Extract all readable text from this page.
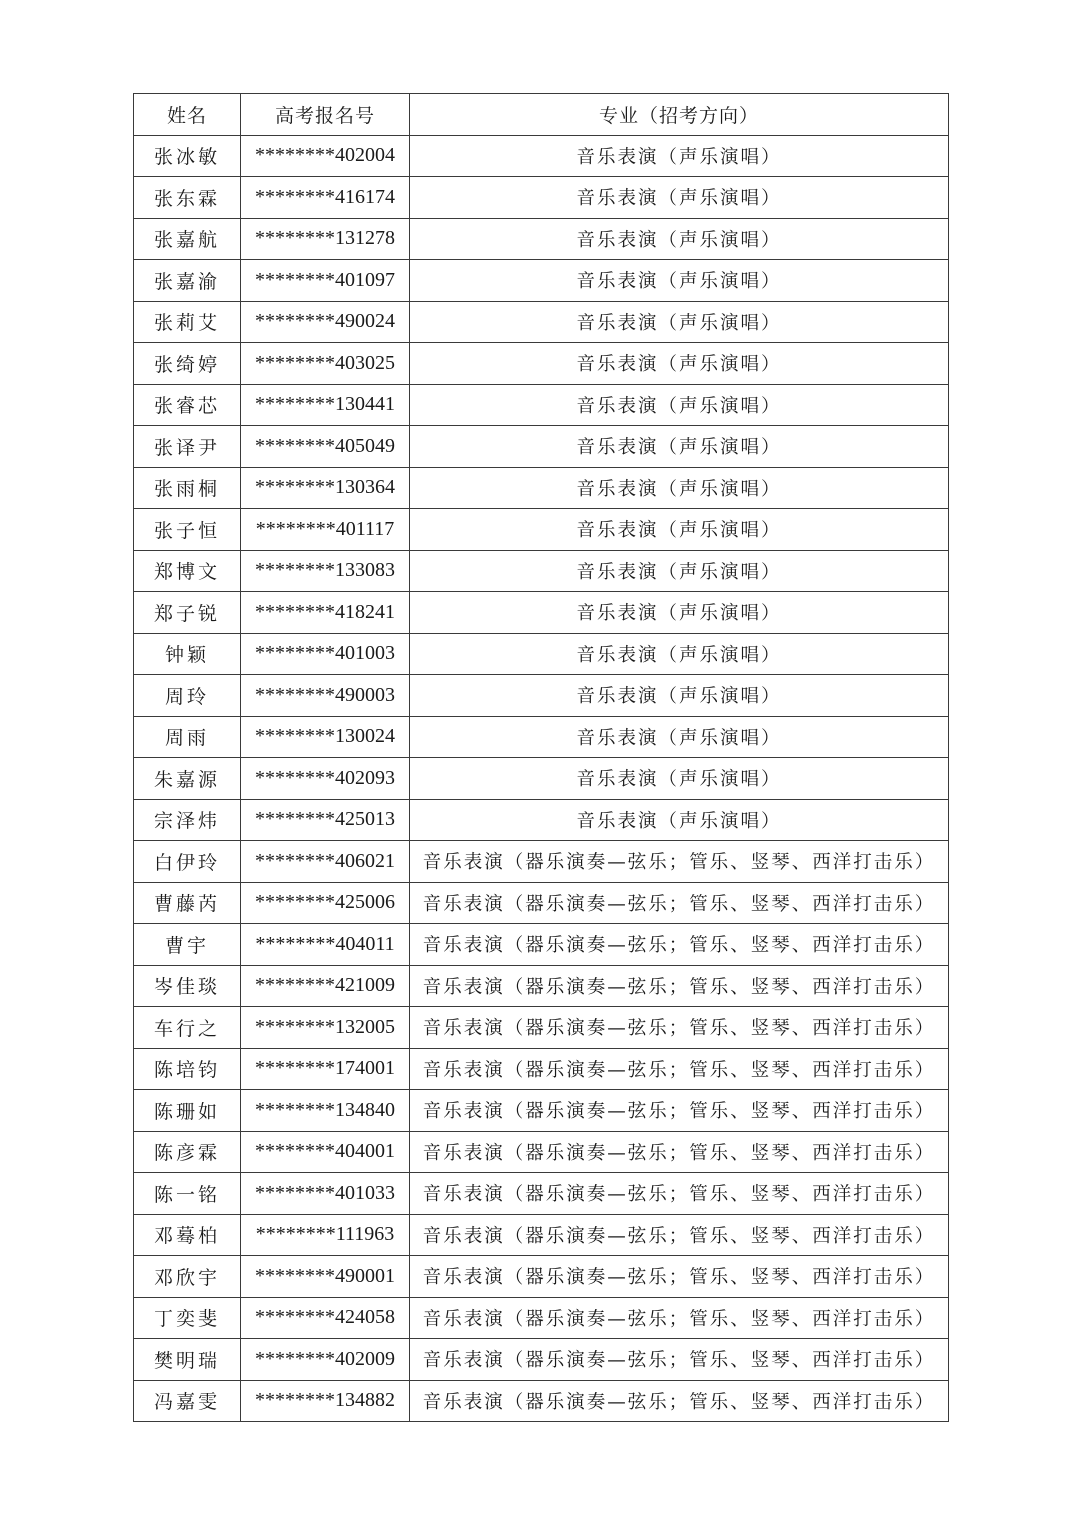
姓名	高考报名号	专业（招考方向）
张冰敏	********402004	音乐表演（声乐演唱）
张东霖	********416174	音乐表演（声乐演唱）
张嘉航	********131278	音乐表演（声乐演唱）
张嘉渝	********401097	音乐表演（声乐演唱）
张莉艾	********490024	音乐表演（声乐演唱）
张绮婷	********403025	音乐表演（声乐演唱）
张睿芯	********130441	音乐表演（声乐演唱）
张译尹	********405049	音乐表演（声乐演唱）
张雨桐	********130364	音乐表演（声乐演唱）
张子恒	********401117	音乐表演（声乐演唱）
郑博文	********133083	音乐表演（声乐演唱）
郑子锐	********418241	音乐表演（声乐演唱）
钟颖	********401003	音乐表演（声乐演唱）
周玲	********490003	音乐表演（声乐演唱）
周雨	********130024	音乐表演（声乐演唱）
朱嘉源	********402093	音乐表演（声乐演唱）
宗泽炜	********425013	音乐表演（声乐演唱）
白伊玲	********406021	音乐表演（器乐演奏—弦乐；管乐、竖琴、西洋打击乐）
曹藤芮	********425006	音乐表演（器乐演奏—弦乐；管乐、竖琴、西洋打击乐）
曹宇	********404011	音乐表演（器乐演奏—弦乐；管乐、竖琴、西洋打击乐）
岑佳琰	********421009	音乐表演（器乐演奏—弦乐；管乐、竖琴、西洋打击乐）
车行之	********132005	音乐表演（器乐演奏—弦乐；管乐、竖琴、西洋打击乐）
陈培钧	********174001	音乐表演（器乐演奏—弦乐；管乐、竖琴、西洋打击乐）
陈珊如	********134840	音乐表演（器乐演奏—弦乐；管乐、竖琴、西洋打击乐）
陈彦霖	********404001	音乐表演（器乐演奏—弦乐；管乐、竖琴、西洋打击乐）
陈一铭	********401033	音乐表演（器乐演奏—弦乐；管乐、竖琴、西洋打击乐）
邓蓦柏	********111963	音乐表演（器乐演奏—弦乐；管乐、竖琴、西洋打击乐）
邓欣宇	********490001	音乐表演（器乐演奏—弦乐；管乐、竖琴、西洋打击乐）
丁奕斐	********424058	音乐表演（器乐演奏—弦乐；管乐、竖琴、西洋打击乐）
樊明瑞	********402009	音乐表演（器乐演奏—弦乐；管乐、竖琴、西洋打击乐）
冯嘉雯	********134882	音乐表演（器乐演奏—弦乐；管乐、竖琴、西洋打击乐）
